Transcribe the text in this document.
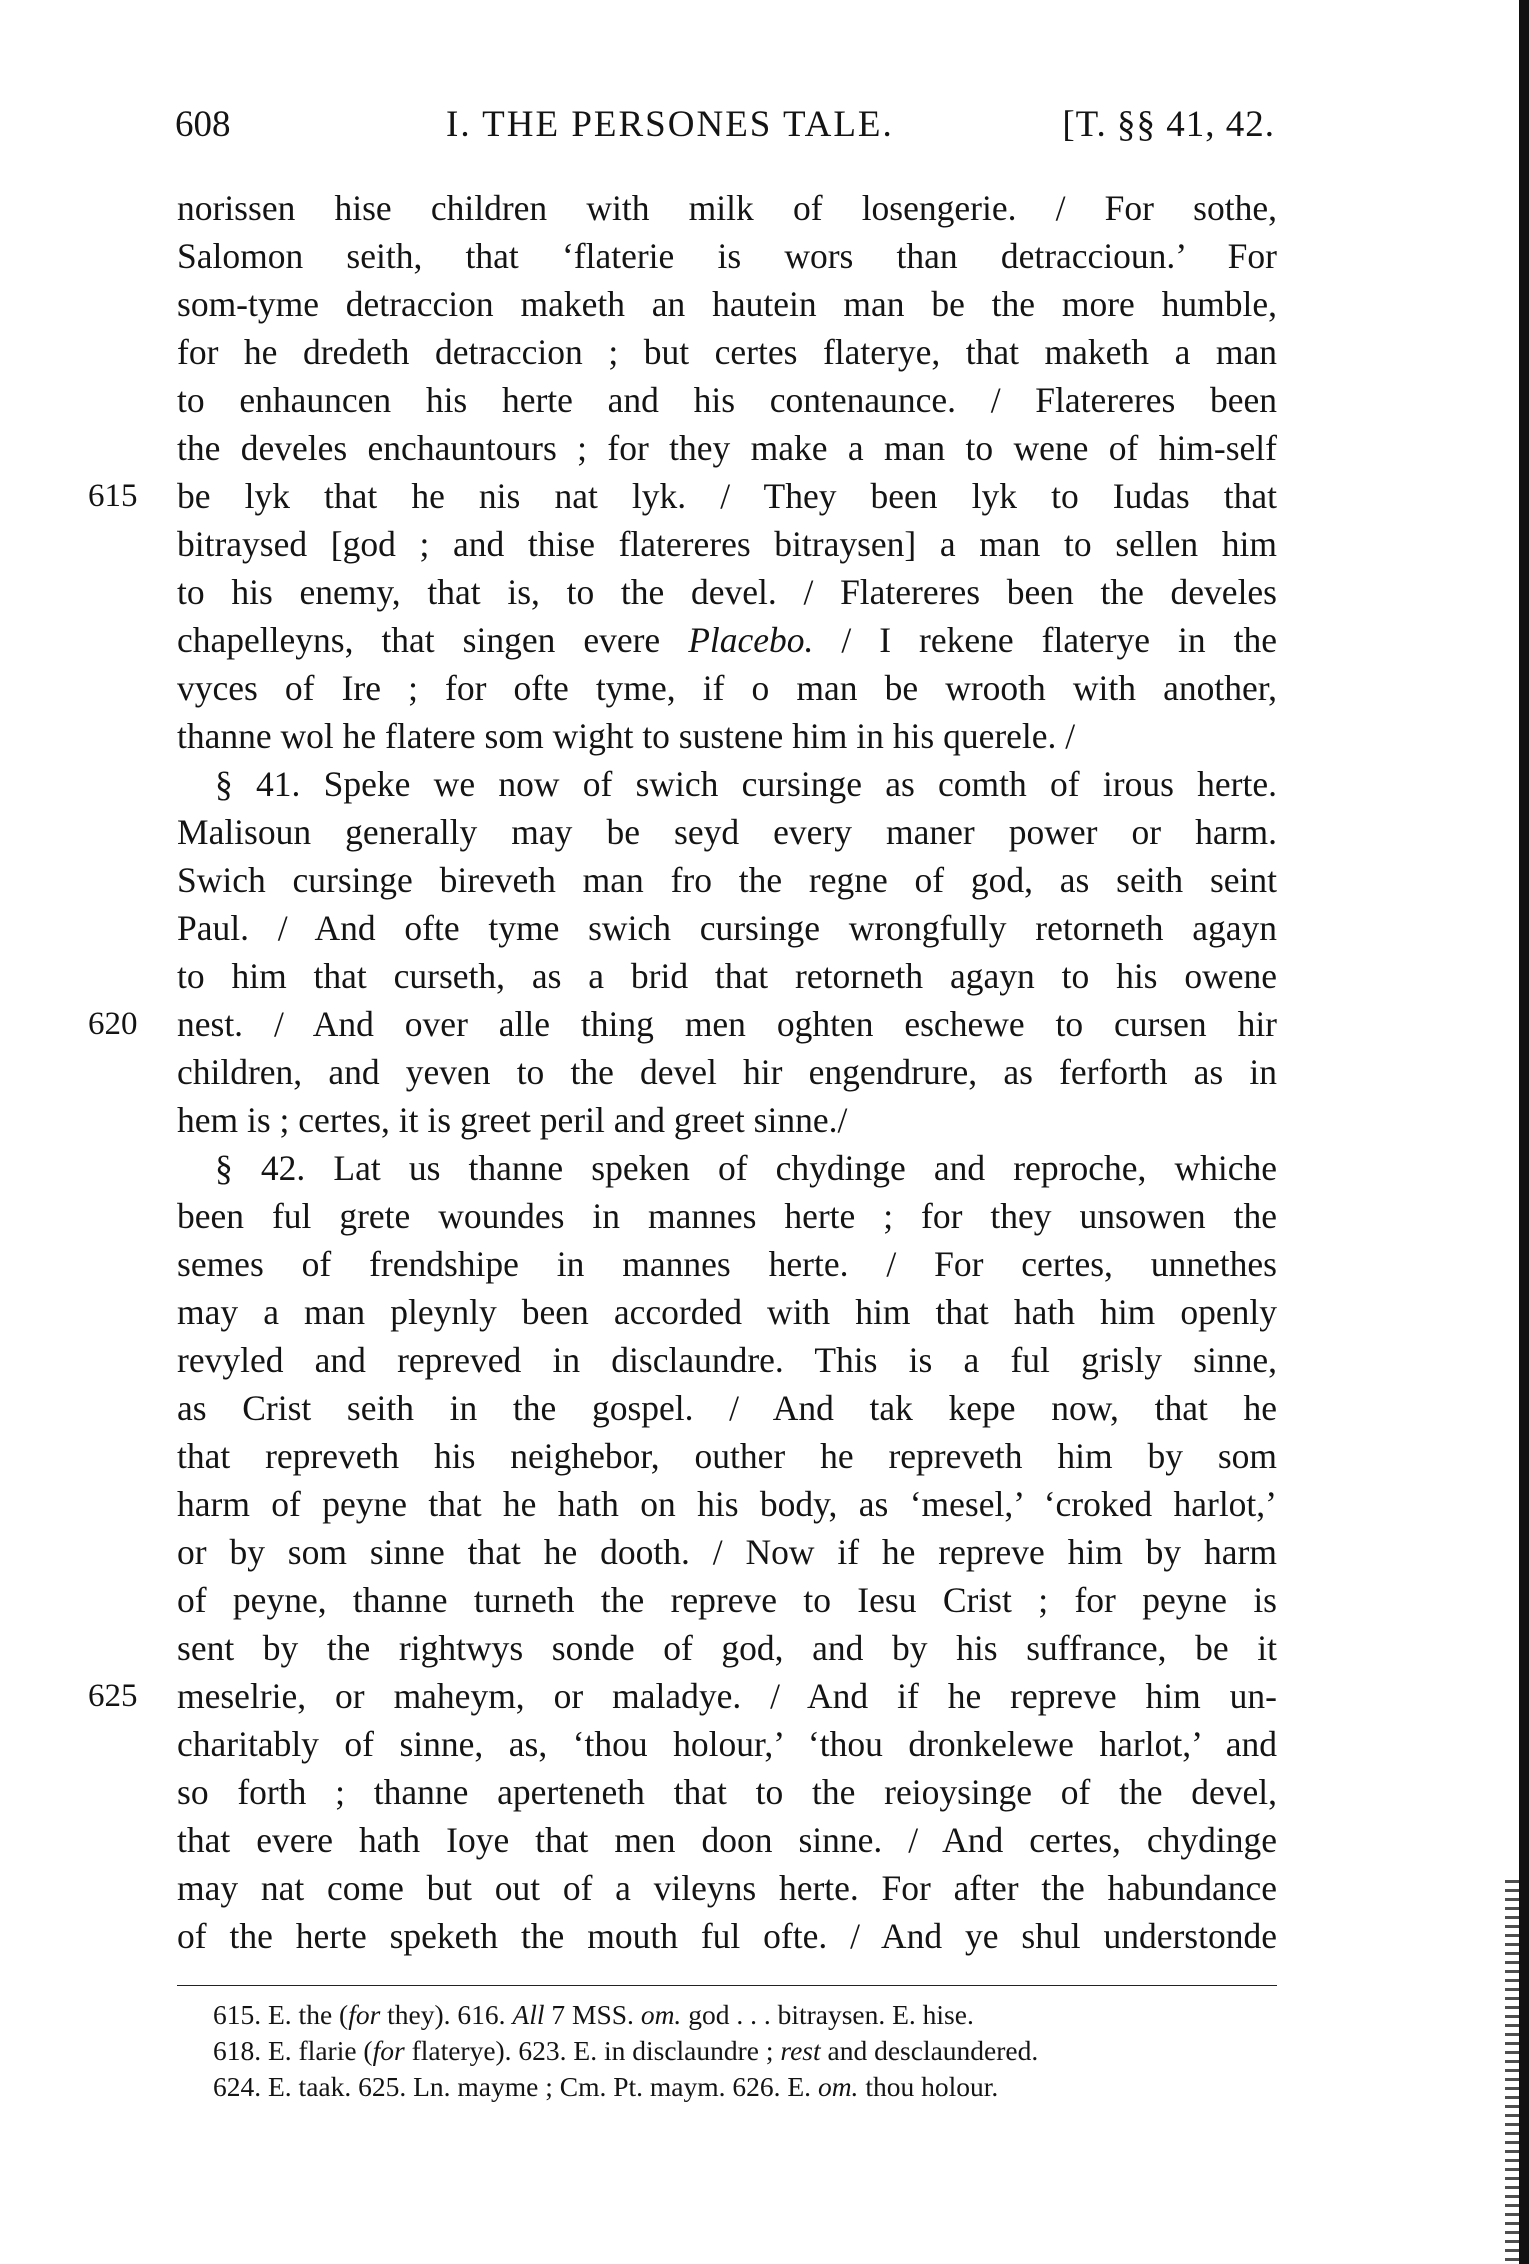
608	I. THE PERSONES TALE.	[T. §§ 41, 42.
norissen hise children with milk of losengerie. / For sothe,
Salomon seith, that ‘flaterie is wors than detraccioun.’ For
som-tyme detraccion maketh an hautein man be the more humble,
for he dredeth detraccion ; but certes flaterye, that maketh a man
to enhauncen his herte and his contenaunce. / Flatereres been
the develes enchauntours ; for they make a man to wene of him-self
be lyk that he nis nat lyk. / They been lyk to Iudas that
bitraysed [god ; and thise flatereres bitraysen] a man to sellen him
to his enemy, that is, to the devel. / Flatereres been the develes
chapelleyns, that singen evere Placebo. / I rekene flaterye in the
vyces of Ire ; for ofte tyme, if o man be wrooth with another,
thanne wol he flatere som wight to sustene him in his querele. /
§ 41. Speke we now of swich cursinge as comth of irous herte.
Malisoun generally may be seyd every maner power or harm.
Swich cursinge bireveth man fro the regne of god, as seith seint
Paul. / And ofte tyme swich cursinge wrongfully retorneth agayn
to him that curseth, as a brid that retorneth agayn to his owene
nest. / And over alle thing men oghten eschewe to cursen hir
children, and yeven to the devel hir engendrure, as ferforth as in
hem is ; certes, it is greet peril and greet sinne./
§ 42. Lat us thanne speken of chydinge and reproche, whiche
been ful grete woundes in mannes herte ; for they unsowen the
semes of frendshipe in mannes herte. / For certes, unnethes
may a man pleynly been accorded with him that hath him openly
revyled and repreved in disclaundre. This is a ful grisly sinne,
as Crist seith in the gospel. / And tak kepe now, that he
that repreveth his neighebor, outher he repreveth him by som
harm of peyne that he hath on his body, as ‘mesel,’ ‘croked harlot,’
or by som sinne that he dooth. / Now if he repreve him by harm
of peyne, thanne turneth the repreve to Iesu Crist ; for peyne is
sent by the rightwys sonde of god, and by his suffrance, be it
meselrie, or maheym, or maladye. / And if he repreve him un-
charitably of sinne, as, ‘thou holour,’ ‘thou dronkelewe harlot,’ and
so forth ; thanne aperteneth that to the reioysinge of the devel,
that evere hath Ioye that men doon sinne. / And certes, chydinge
may nat come but out of a vileyns herte. For after the habundance
of the herte speketh the mouth ful ofte. / And ye shul understonde
615
620
625
615. E. the (for they). 616. All 7 MSS. om. god . . . bitraysen. E. hise.
618. E. flarie (for flaterye). 623. E. in disclaundre ; rest and desclaundered.
624. E. taak. 625. Ln. mayme ; Cm. Pt. maym. 626. E. om. thou holour.
